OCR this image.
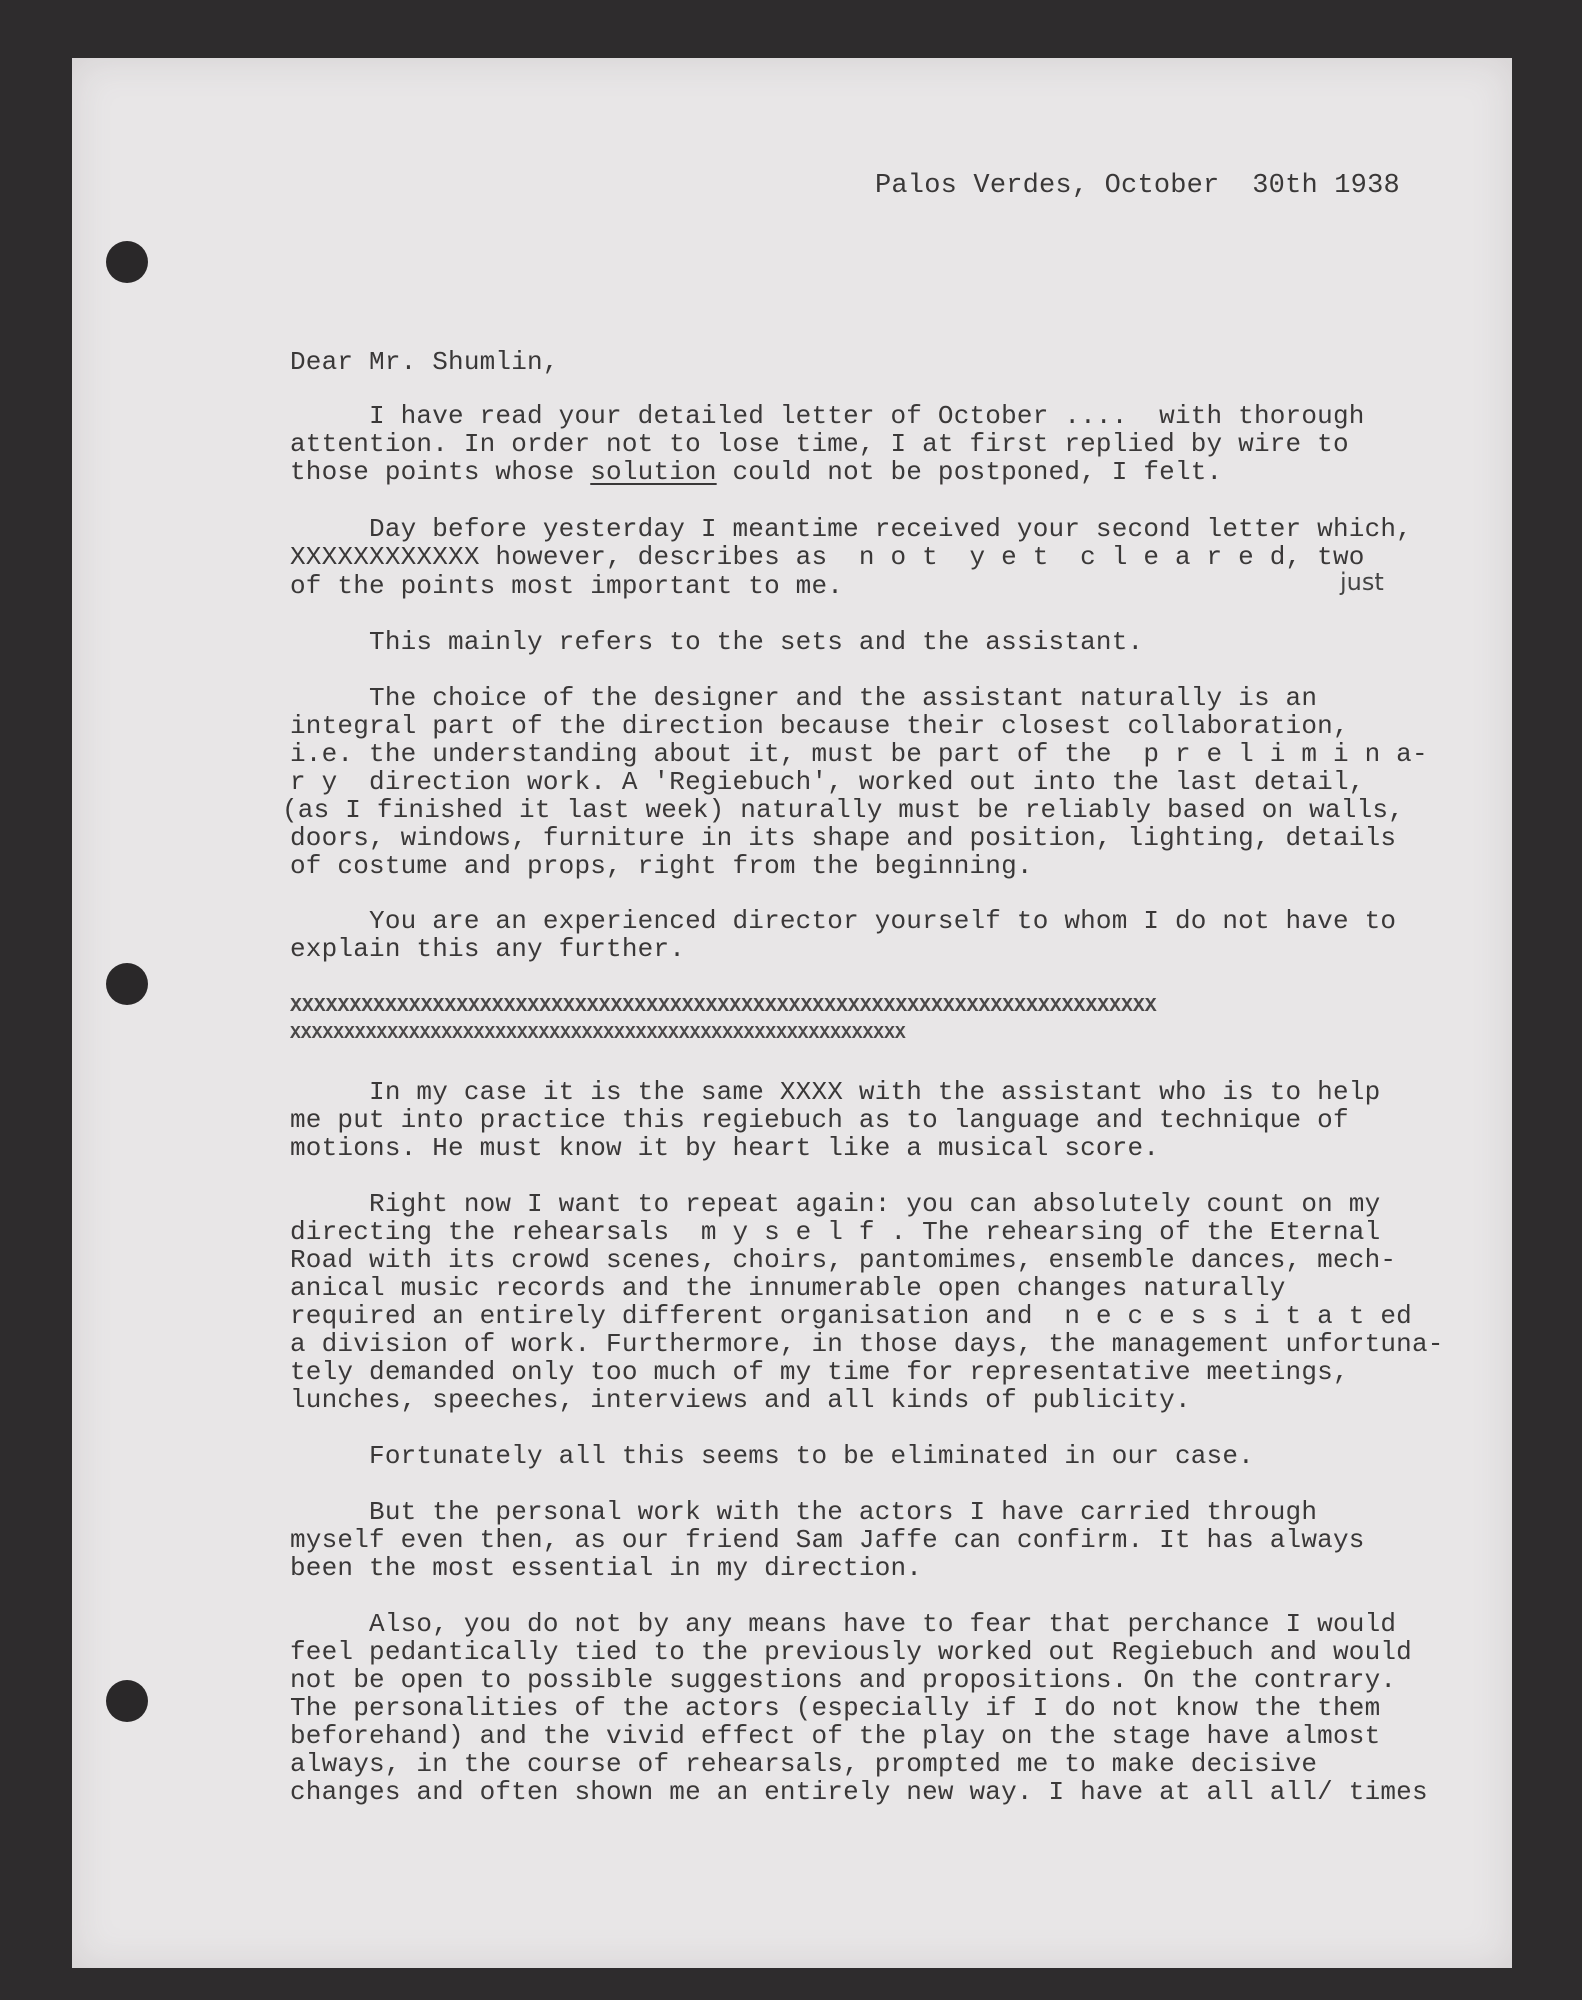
Palos Verdes, October  30th 1938
Dear Mr. Shumlin,
I have read your detailed letter of October ....  with thorough
attention. In order not to lose time, I at first replied by wire to
those points whose solution could not be postponed, I felt.
Day before yesterday I meantime received your second letter which,
XXXXXXXXXXXX however, describes as  n o t  y e t  c l e a r e d, two
of the points most important to me.	just
This mainly refers to the sets and the assistant.
The choice of the designer and the assistant naturally is an
integral part of the direction because their closest collaboration,
i.e. the understanding about it, must be part of the  p r e l i m i n a-
r y  direction work. A 'Regiebuch', worked out into the last detail,
(as I finished it last week) naturally must be reliably based on walls,
doors, windows, furniture in its shape and position, lighting, details
of costume and props, right from the beginning.
You are an experienced director yourself to whom I do not have to
explain this any further.
XXXXXXXXXXXXXXXXXXXXXXXXXXXXXXXXXXXXXXXXXXXXXXXXXXXXXXXXXXXXXXXXXXXXXXXXX
XXXXXXXXXXXXXXXXXXXXXXXXXXXXXXXXXXXXXXXXXXXXXXXXXXXXXXXXX
In my case it is the same XXXX with the assistant who is to help
me put into practice this regiebuch as to language and technique of
motions. He must know it by heart like a musical score.
Right now I want to repeat again: you can absolutely count on my
directing the rehearsals  m y s e l f . The rehearsing of the Eternal
Road with its crowd scenes, choirs, pantomimes, ensemble dances, mech-
anical music records and the innumerable open changes naturally
required an entirely different organisation and  n e c e s s i t a t ed
a division of work. Furthermore, in those days, the management unfortuna-
tely demanded only too much of my time for representative meetings,
lunches, speeches, interviews and all kinds of publicity.
Fortunately all this seems to be eliminated in our case.
But the personal work with the actors I have carried through
myself even then, as our friend Sam Jaffe can confirm. It has always
been the most essential in my direction.
Also, you do not by any means have to fear that perchance I would
feel pedantically tied to the previously worked out Regiebuch and would
not be open to possible suggestions and propositions. On the contrary.
The personalities of the actors (especially if I do not know the them
beforehand) and the vivid effect of the play on the stage have almost
always, in the course of rehearsals, prompted me to make decisive
changes and often shown me an entirely new way. I have at all all/ times
